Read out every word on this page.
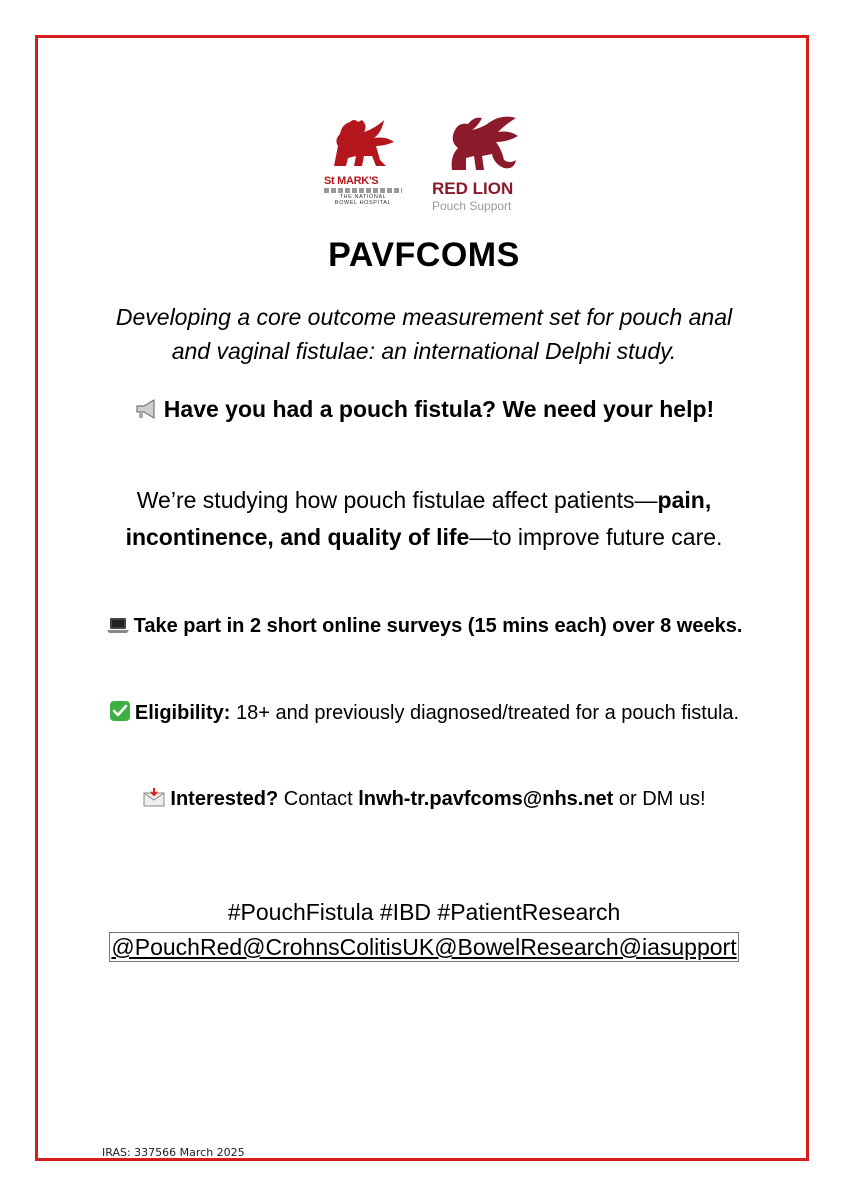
St MARK'S
THE NATIONAL
BOWEL HOSPITAL
RED LION
Pouch Support
PAVFCOMS
Developing a core outcome measurement set for pouch anal and vaginal fistulae: an international Delphi study.
Have you had a pouch fistula? We need your help!
We’re studying how pouch fistulae affect patients—pain, incontinence, and quality of life—to improve future care.
Take part in 2 short online surveys (15 mins each) over 8 weeks.
Eligibility: 18+ and previously diagnosed/treated for a pouch fistula.
Interested? Contact lnwh-tr.pavfcoms@nhs.net or DM us!
#PouchFistula #IBD #PatientResearch
@PouchRed@CrohnsColitisUK@BowelResearch@iasupport
IRAS: 337566 March 2025
